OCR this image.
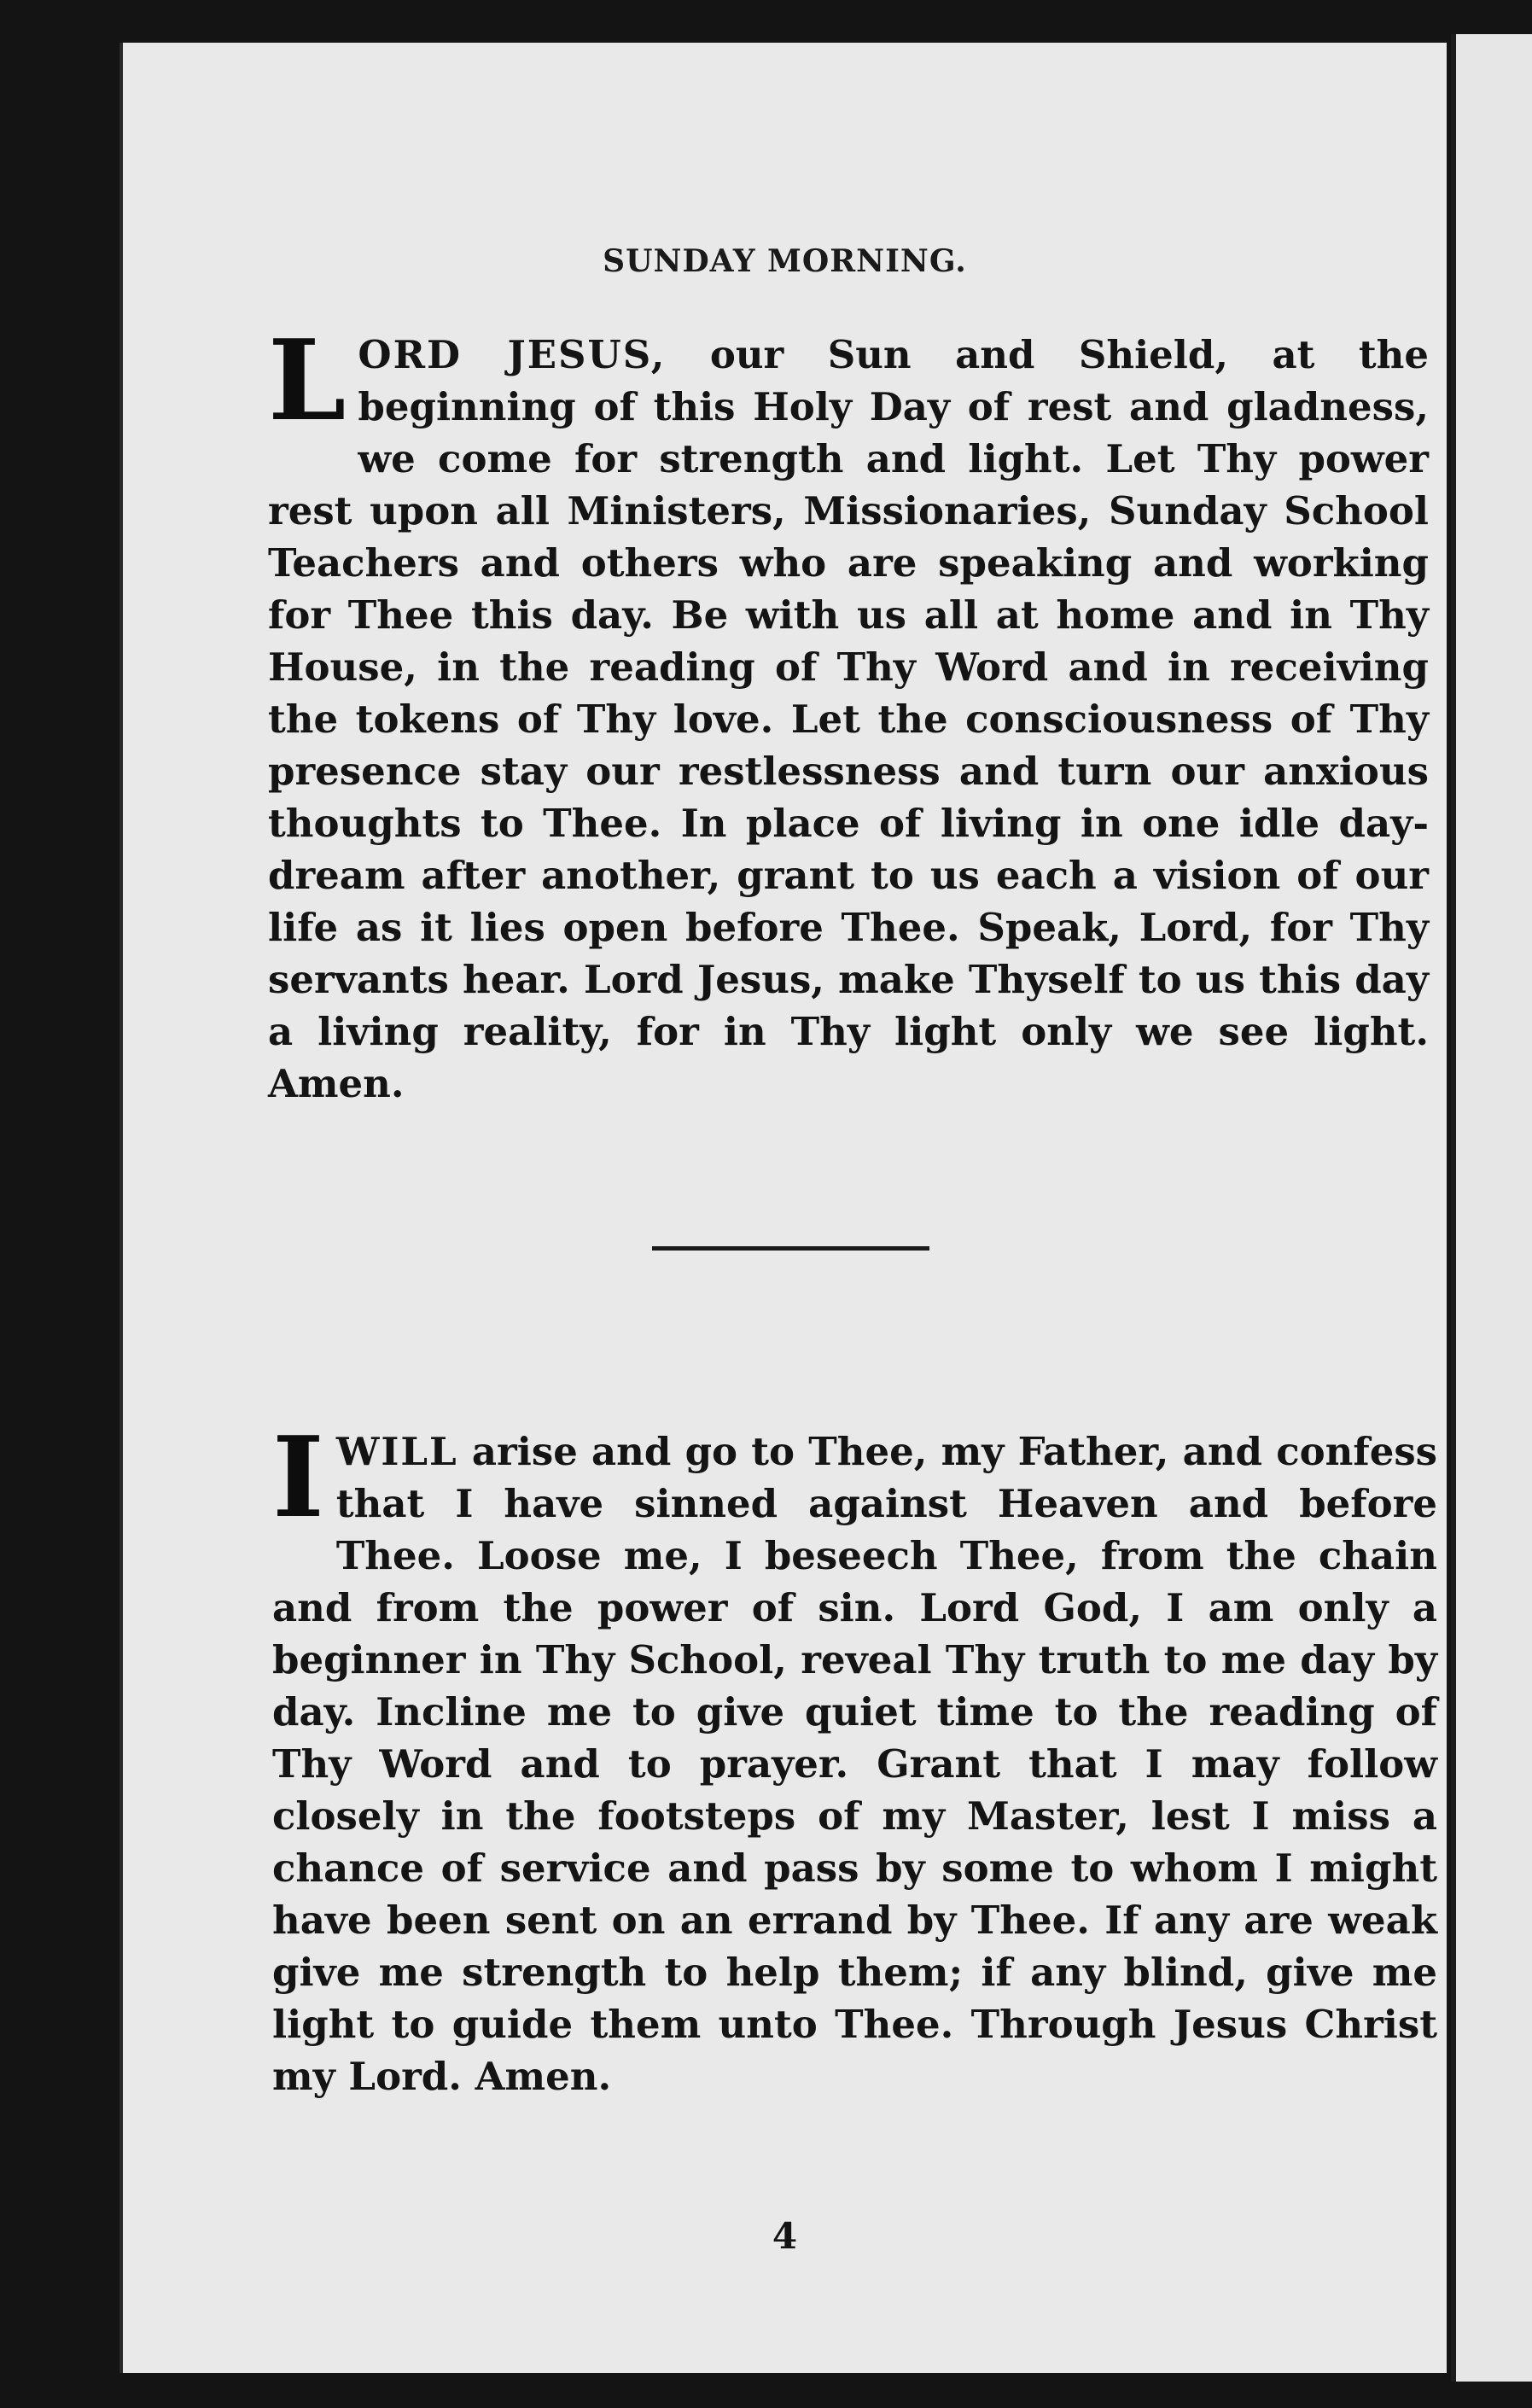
SUNDAY MORNING.

LORD JESUS, our Sun and Shield, at the beginning of this Holy Day of rest and gladness, we come for strength and light. Let Thy power rest upon all Ministers, Missionaries, Sunday School Teachers and others who are speaking and working for Thee this day. Be with us all at home and in Thy House, in the reading of Thy Word and in receiving the tokens of Thy love. Let the consciousness of Thy presence stay our restlessness and turn our anxious thoughts to Thee. In place of living in one idle day-dream after another, grant to us each a vision of our life as it lies open before Thee. Speak, Lord, for Thy servants hear. Lord Jesus, make Thyself to us this day a living reality, for in Thy light only we see light. Amen.

IWILL arise and go to Thee, my Father, and confess that I have sinned against Heaven and before Thee. Loose me, I beseech Thee, from the chain and from the power of sin. Lord God, I am only a beginner in Thy School, reveal Thy truth to me day by day. Incline me to give quiet time to the reading of Thy Word and to prayer. Grant that I may follow closely in the footsteps of my Master, lest I miss a chance of service and pass by some to whom I might have been sent on an errand by Thee. If any are weak give me strength to help them; if any blind, give me light to guide them unto Thee. Through Jesus Christ my Lord. Amen.

4
